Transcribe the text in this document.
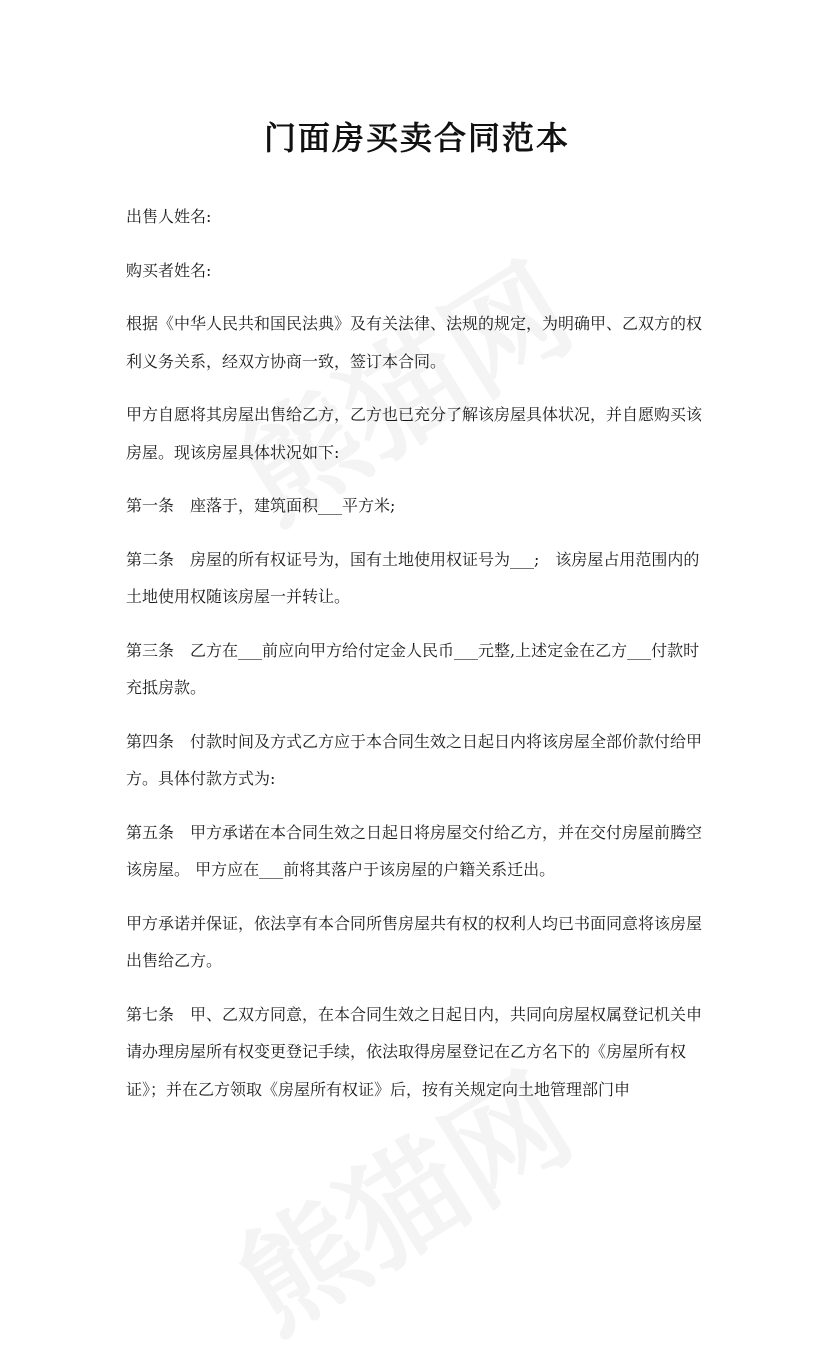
门面房买卖合同范本

出售人姓名:

购买者姓名:

根据《中华人民共和国民法典》及有关法律、法规的规定，为明确甲、乙双方的权利义务关系，经双方协商一致，签订本合同。

甲方自愿将其房屋出售给乙方，乙方也已充分了解该房屋具体状况，并自愿购买该房屋。现该房屋具体状况如下:

第一条　座落于，建筑面积___平方米;

第二条　房屋的所有权证号为，国有土地使用权证号为___;　该房屋占用范围内的土地使用权随该房屋一并转让。

第三条　乙方在___前应向甲方给付定金人民币___元整,上述定金在乙方___付款时充抵房款。

第四条　付款时间及方式乙方应于本合同生效之日起日内将该房屋全部价款付给甲方。具体付款方式为:

第五条　甲方承诺在本合同生效之日起日将房屋交付给乙方，并在交付房屋前腾空该房屋。 甲方应在___前将其落户于该房屋的户籍关系迁出。

甲方承诺并保证，依法享有本合同所售房屋共有权的权利人均已书面同意将该房屋出售给乙方。

第七条　甲、乙双方同意，在本合同生效之日起日内，共同向房屋权属登记机关申请办理房屋所有权变更登记手续，依法取得房屋登记在乙方名下的《房屋所有权证》；并在乙方领取《房屋所有权证》后，按有关规定向土地管理部门申
